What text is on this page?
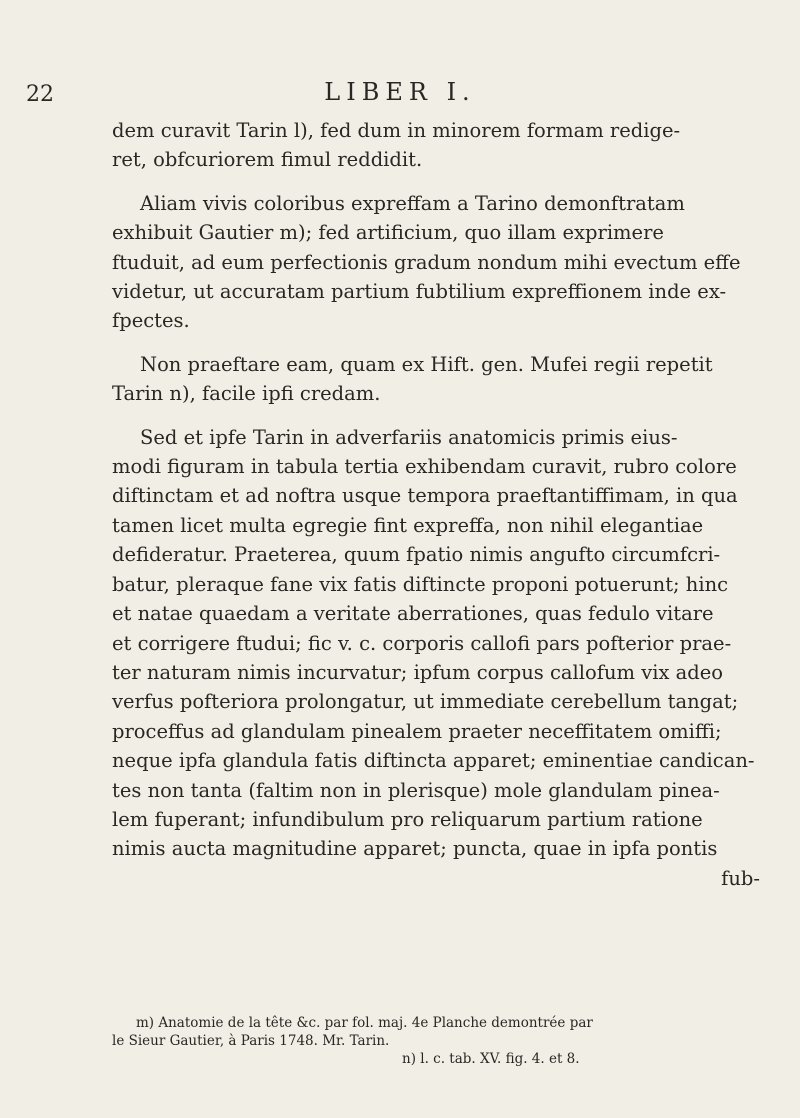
22	LIBER I.
dem curavit Tarin l), fed dum in minorem formam redige-
ret, obfcuriorem fimul reddidit.
Aliam vivis coloribus expreffam a Tarino demonftratam
exhibuit Gautier m); fed artificium, quo illam exprimere
ftuduit, ad eum perfectionis gradum nondum mihi evectum effe
videtur, ut accuratam partium fubtilium expreffionem inde ex-
fpectes.
Non praeftare eam, quam ex Hift. gen. Mufei regii repetit
Tarin n), facile ipfi credam.
Sed et ipfe Tarin in adverfariis anatomicis primis eius-
modi figuram in tabula tertia exhibendam curavit, rubro colore
diftinctam et ad noftra usque tempora praeftantiffimam, in qua
tamen licet multa egregie fint expreffa, non nihil elegantiae
defideratur. Praeterea, quum fpatio nimis angufto circumfcri-
batur, pleraque fane vix fatis diftincte proponi potuerunt; hinc
et natae quaedam a veritate aberrationes, quas fedulo vitare
et corrigere ftudui; fic v. c. corporis callofi pars pofterior prae-
ter naturam nimis incurvatur; ipfum corpus callofum vix adeo
verfus pofteriora prolongatur, ut immediate cerebellum tangat;
proceffus ad glandulam pinealem praeter neceffitatem omiffi;
neque ipfa glandula fatis diftincta apparet; eminentiae candican-
tes non tanta (faltim non in plerisque) mole glandulam pinea-
lem fuperant; infundibulum pro reliquarum partium ratione
nimis aucta magnitudine apparet; puncta, quae in ipfa pontis
fub-
m) Anatomie de la tête &c. par fol. maj. 4e Planche demontrée par
le Sieur Gautier, à Paris 1748. Mr. Tarin.
n) l. c. tab. XV. fig. 4. et 8.
